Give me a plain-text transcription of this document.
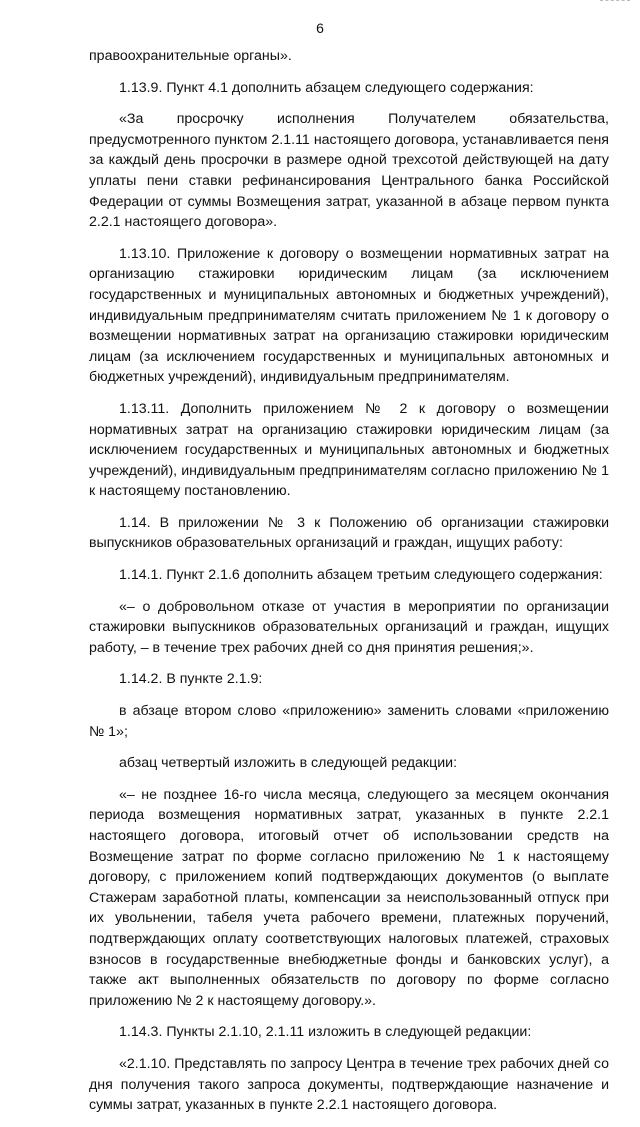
6

правоохранительные органы».

1.13.9. Пункт 4.1 дополнить абзацем следующего содержания:

«За просрочку исполнения Получателем обязательства, предусмотренного пунктом 2.1.11 настоящего договора, устанавливается пеня за каждый день просрочки в размере одной трехсотой действующей на дату уплаты пени ставки рефинансирования Центрального банка Российской Федерации от суммы Возмещения затрат, указанной в абзаце первом пункта 2.2.1 настоящего договора».

1.13.10. Приложение к договору о возмещении нормативных затрат на организацию стажировки юридическим лицам (за исключением государственных и муниципальных автономных и бюджетных учреждений), индивидуальным предпринимателям считать приложением № 1 к договору о возмещении нормативных затрат на организацию стажировки юридическим лицам (за исключением государственных и муниципальных автономных и бюджетных учреждений), индивидуальным предпринимателям.

1.13.11. Дополнить приложением № 2 к договору о возмещении нормативных затрат на организацию стажировки юридическим лицам (за исключением государственных и муниципальных автономных и бюджетных учреждений), индивидуальным предпринимателям согласно приложению № 1 к настоящему постановлению.

1.14. В приложении № 3 к Положению об организации стажировки выпускников образовательных организаций и граждан, ищущих работу:

1.14.1. Пункт 2.1.6 дополнить абзацем третьим следующего содержания:

«– о добровольном отказе от участия в мероприятии по организации стажировки выпускников образовательных организаций и граждан, ищущих работу, – в течение трех рабочих дней со дня принятия решения;».

1.14.2. В пункте 2.1.9:

в абзаце втором слово «приложению» заменить словами «приложению № 1»;

абзац четвертый изложить в следующей редакции:

«– не позднее 16-го числа месяца, следующего за месяцем окончания периода возмещения нормативных затрат, указанных в пункте 2.2.1 настоящего договора, итоговый отчет об использовании средств на Возмещение затрат по форме согласно приложению № 1 к настоящему договору, с приложением копий подтверждающих документов (о выплате Стажерам заработной платы, компенсации за неиспользованный отпуск при их увольнении, табеля учета рабочего времени, платежных поручений, подтверждающих оплату соответствующих налоговых платежей, страховых взносов в государственные внебюджетные фонды и банковских услуг), а также акт выполненных обязательств по договору по форме согласно приложению № 2 к настоящему договору.».

1.14.3. Пункты 2.1.10, 2.1.11 изложить в следующей редакции:

«2.1.10. Представлять по запросу Центра в течение трех рабочих дней со дня получения такого запроса документы, подтверждающие назначение и суммы затрат, указанных в пункте 2.2.1 настоящего договора.
